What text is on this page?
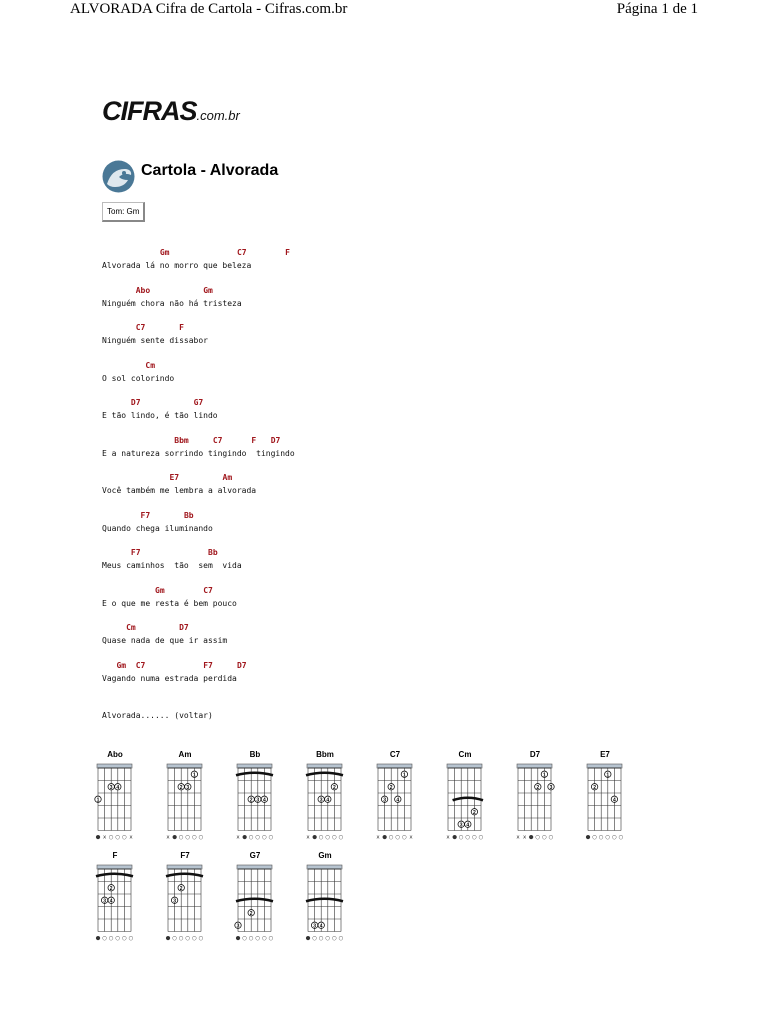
ALVORADA Cifra de Cartola - Cifras.com.br	Página 1 de 1
CIFRAS.com.br
Cartola - Alvorada
Tom: Gm
Gm	C7	F
Alvorada lá no morro que beleza
Abo	Gm
Ninguém chora não há tristeza
C7	F
Ninguém sente dissabor
Cm
O sol colorindo
D7	G7
E tão lindo, é tão lindo
Bbm	C7	F D7
E a natureza sorrindo tingindo  tingindo
E7	Am
Você também me lembra a alvorada
F7	Bb
Quando chega iluminando
F7	Bb
Meus caminhos  tão  sem  vida
Gm	C7
E o que me resta é bem pouco
Cm	D7
Quase nada de que ir assim
Gm C7	F7	D7
Vagando numa estrada perdida
Alvorada...... (voltar)
Abo
3 4
1
● x ○ ○ ○ x
Am
1
2 3
x ● ○ ○ ○ ○
Bb
2 3 4
x ● ○ ○ ○ ○
Bbm
2
3 4
x ● ○ ○ ○ ○
C7
1
2
3 4
x ● ○ ○ ○ x
Cm
2
3 4
x ● ○ ○ ○ ○
D7
1
2 3
x x ● ○ ○ ○
E7
1
2
4
● ○ ○ ○ ○ ○
F
2
3 4
● ○ ○ ○ ○ ○
F7
2
3
● ○ ○ ○ ○ ○
G7
2
3
● ○ ○ ○ ○ ○
Gm
3 4
● ○ ○ ○ ○ ○
